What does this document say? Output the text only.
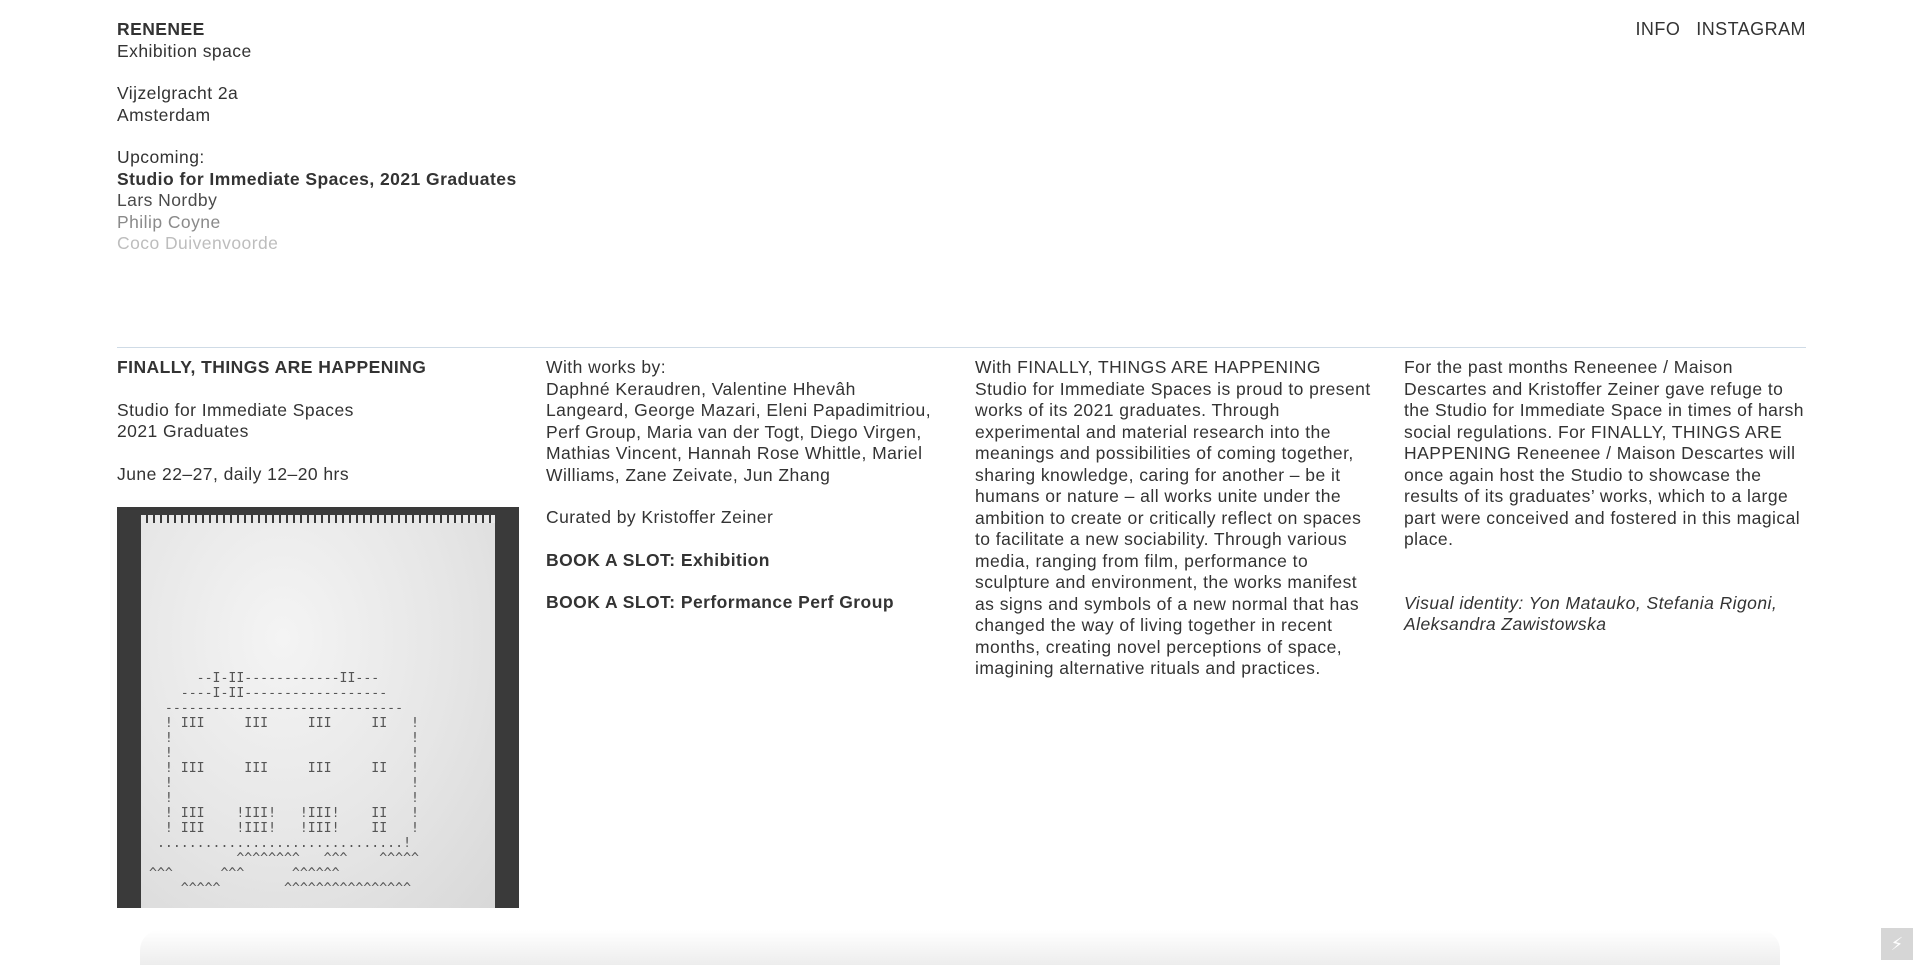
RENENEE

Exhibition space

Vijzelgracht 2a

Amsterdam

Upcoming:

Studio for Immediate Spaces, 2021 Graduates

Lars Nordby

Philip Coyne

Coco Duivenvoorde

INFO INSTAGRAM

FINALLY, THINGS ARE HAPPENING

Studio for Immediate Spaces

2021 Graduates

June 22–27, daily 12–20 hrs

--I-II------------II---
----I-II------------------
------------------------------
! III     III     III     II   !
!                              !
!                              !
! III     III     III     II   !
!                              !
!                              !
! III    !III!   !III!    II   !
! III    !III!   !III!    II   !
...............................!
^^^^^^^^   ^^^    ^^^^^
^^^      ^^^      ^^^^^^
^^^^^        ^^^^^^^^^^^^^^^^

With works by:

Daphné Keraudren, Valentine Hhevâh Langeard, George Mazari, Eleni Papadimitriou, Perf Group, Maria van der Togt, Diego Virgen, Mathias Vincent, Hannah Rose Whittle, Mariel Williams, Zane Zeivate, Jun Zhang

Curated by Kristoffer Zeiner

BOOK A SLOT: Exhibition

BOOK A SLOT: Performance Perf Group

With FINALLY, THINGS ARE HAPPENING Studio for Immediate Spaces is proud to present works of its 2021 graduates. Through experimental and material research into the meanings and possibilities of coming together, sharing knowledge, caring for another – be it humans or nature – all works unite under the ambition to create or critically reflect on spaces to facilitate a new sociability. Through various media, ranging from film, performance to sculpture and environment, the works manifest as signs and symbols of a new normal that has changed the way of living together in recent months, creating novel perceptions of space, imagining alternative rituals and practices.

For the past months Reneenee / Maison Descartes and Kristoffer Zeiner gave refuge to the Studio for Immediate Space in times of harsh social regulations. For FINALLY, THINGS ARE HAPPENING Reneenee / Maison Descartes will once again host the Studio to showcase the results of its graduates’ works, which to a large part were conceived and fostered in this magical place.

Visual identity: Yon Matauko, Stefania Rigoni, Aleksandra Zawistowska

⚡
